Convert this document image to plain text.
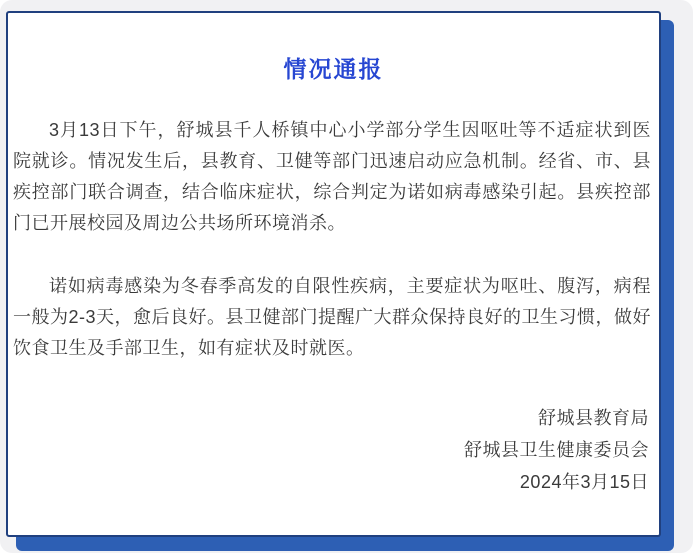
情况通报

3月13日下午，舒城县千人桥镇中心小学部分学生因呕吐等不适症状到医院就诊。情况发生后，县教育、卫健等部门迅速启动应急机制。经省、市、县疾控部门联合调查，结合临床症状，综合判定为诺如病毒感染引起。县疾控部门已开展校园及周边公共场所环境消杀。

诺如病毒感染为冬春季高发的自限性疾病，主要症状为呕吐、腹泻，病程一般为2-3天，愈后良好。县卫健部门提醒广大群众保持良好的卫生习惯，做好饮食卫生及手部卫生，如有症状及时就医。

舒城县教育局
舒城县卫生健康委员会
2024年3月15日
